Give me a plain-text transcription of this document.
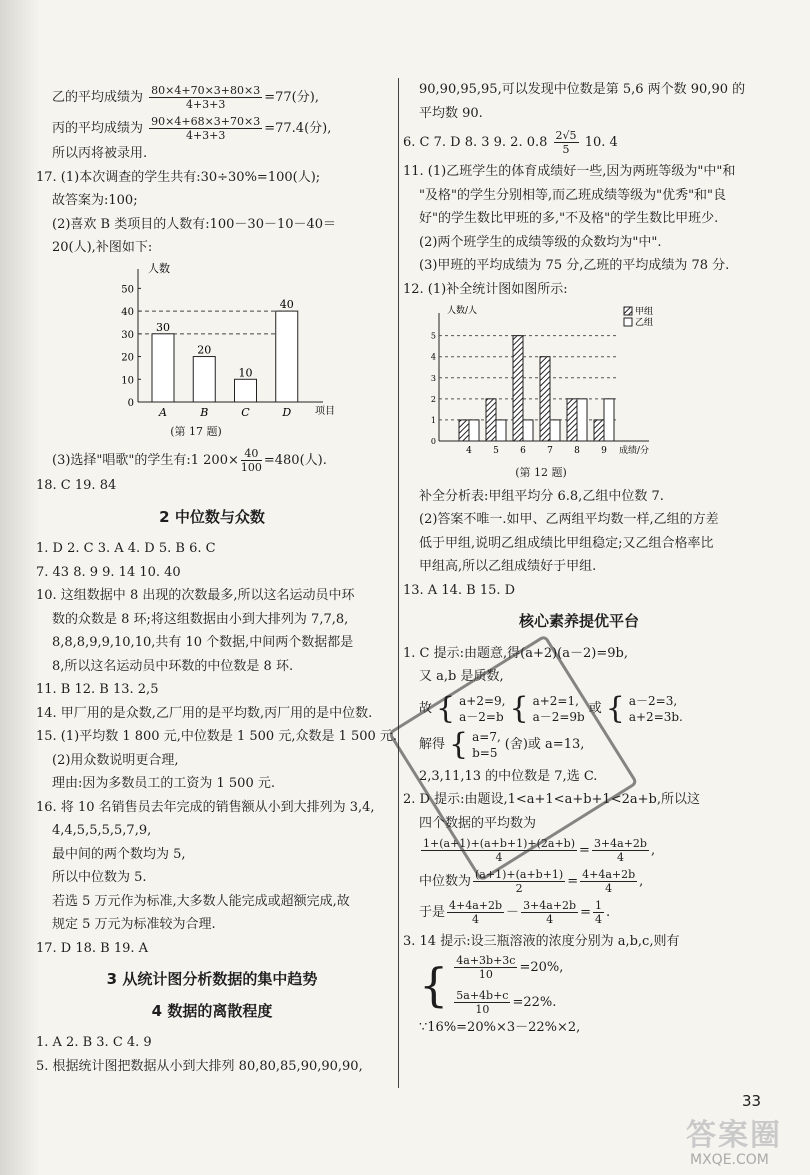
乙的平均成绩为 $\frac{80\times 4+70\times 3+80\times 3}{4+3+3} =77$(分),
丙的平均成绩为 $\frac{90\times 4+68\times 3+70\times 3}{4+3+3} =77.4$(分),
所以丙将被录用.
17. (1)本次调查的学生共有:30÷30%=100(人);
故答案为:100;
(2)喜欢 B 类项目的人数有:100－30－10－40＝
20(人),补图如下:
人数
项目
0
10
20
30
40
50
30
A
20
B
10
C
40
D
(第 17 题)
(3)选择"唱歌"的学生有:1 $200\times \frac{40}{100} =480$(人).
18. C 19. 84
2 中位数与众数
1. D 2. C 3. A 4. D 5. B 6. C
7. 43 8. 9 9. 14 10. 40
10. 这组数据中 8 出现的次数最多,所以这名运动员中环
数的众数是 8 环;将这组数据由小到大排列为 7,7,8,
8,8,8,9,9,10,10,共有 10 个数据,中间两个数据都是
8,所以这名运动员中环数的中位数是 8 环.
11. B 12. B 13. 2,5
14. 甲厂用的是众数,乙厂用的是平均数,丙厂用的是中位数.
15. (1)平均数 1 800 元,中位数是 1 500 元,众数是 1 500 元.
(2)用众数说明更合理,
理由:因为多数员工的工资为 1 500 元.
16. 将 10 名销售员去年完成的销售额从小到大排列为 3,4,
4,4,5,5,5,5,7,9,
最中间的两个数均为 5,
所以中位数为 5.
若选 5 万元作为标准,大多数人能完成或超额完成,故
规定 5 万元为标准较为合理.
17. D 18. B 19. A
3 从统计图分析数据的集中趋势
4 数据的离散程度
1. A 2. B 3. C 4. 9
5. 根据统计图把数据从小到大排列 80,80,85,90,90,90,
90,90,95,95,可以发现中位数是第 5,6 两个数 90,90 的
平均数 90.
6. C 7. D 8. 3 9. 2. $0.8 \frac{2√5}{5} 10$. 4
11. (1)乙班学生的体育成绩好一些,因为两班等级为"中"和
"及格"的学生分别相等,而乙班成绩等级为"优秀"和"良
好"的学生数比甲班的多,"不及格"的学生数比甲班少.
(2)两个班学生的成绩等级的众数均为"中".
(3)甲班的平均成绩为 75 分,乙班的平均成绩为 78 分.
12. (1)补全统计图如图所示:
人数/人
成绩/分
0
1
2
3
4
5
4 5 6 7 8 9
甲组
乙组
(第 12 题)
补全分析表:甲组平均分 6.8,乙组中位数 7.
(2)答案不唯一.如甲、乙两组平均数一样,乙组的方差
低于甲组,说明乙组成绩比甲组稳定;又乙组合格率比
甲组高,所以乙组成绩好于甲组.
13. A 14. B 15. D
核心素养提优平台
1. C 提示:由题意,得(a+2)(a－2)=9b,
又 a,b 是质数,
故 { a+2=9,
a－2=b { a+2=1,
a－2=9b
或 { a－2=3,
a+2=3b.
解得 { a=7,
b=5
(舍)或 a=13,
2,3,11,13 的中位数是 7,选 C.
2. D 提示:由题设,1<a+1<a+b+1<2a+b,所以这
四个数据的平均数为
$\frac{1+(a+1)+(a+b+1)+(2a+b)}{4} = \frac{3+4a+2b}{4}$ ,
中位数为 $\frac{(a+1)+(a+b+1)}{2} = \frac{4+4a+2b}{4}$ ,
于是 $\frac{4+4a+2b}{4} - \frac{3+4a+2b}{4} = \frac{1}{4}$ .
3. 14 提示:设三瓶溶液的浓度分别为 a,b,c,则有
{ $\frac{4a+3b+3c}{10} =20\%$,
$\frac{5a+4b+c}{10} =22\%$.
∵16%=20%×3－22%×2,
33
答案圈
MXQE.COM
